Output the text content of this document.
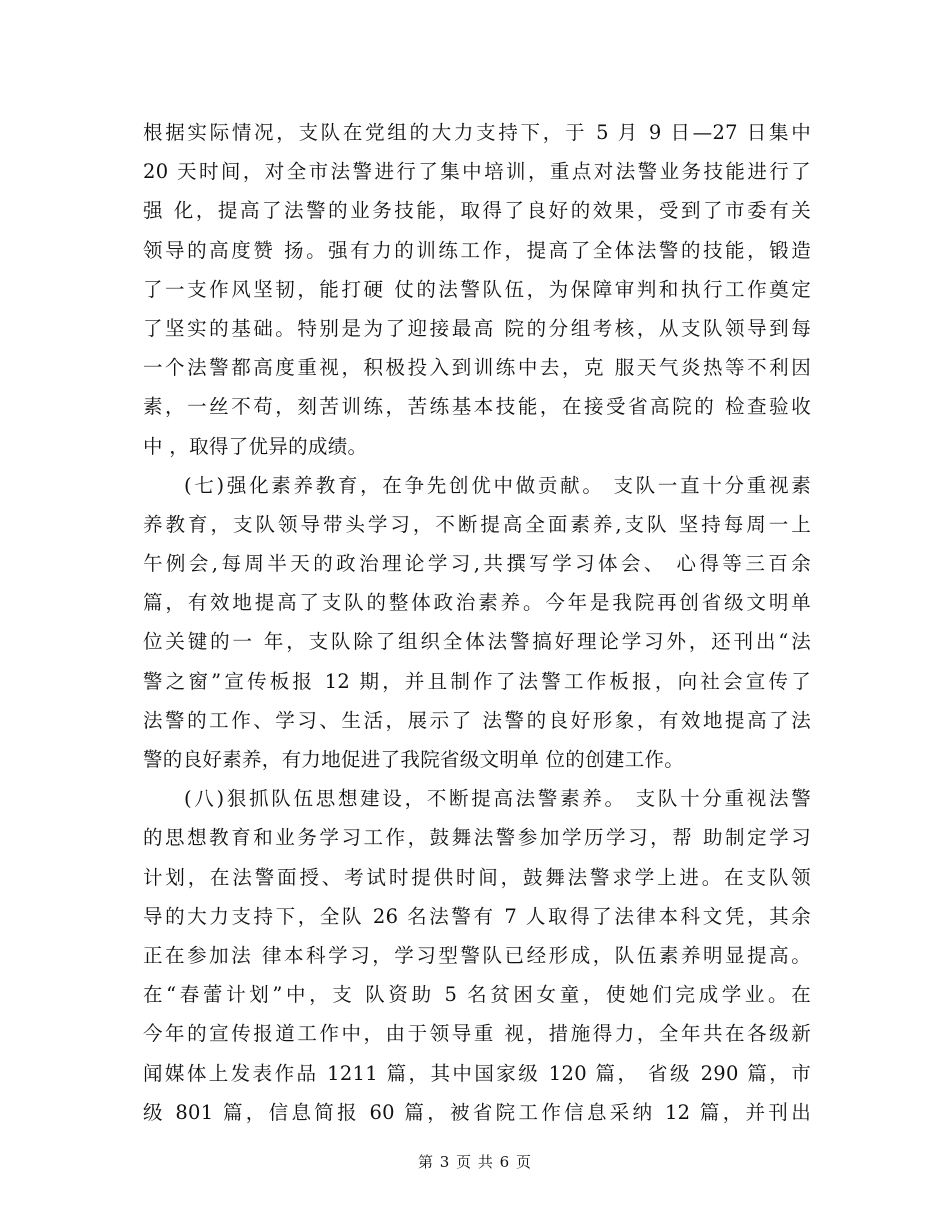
根据实际情况，支队在党组的大力支持下，于 5 月 9 日—27 日集中
20 天时间，对全市法警进行了集中培训，重点对法警业务技能进行了
强 化，提高了法警的业务技能，取得了良好的效果，受到了市委有关
领导的高度赞 扬。强有力的训练工作，提高了全体法警的技能，锻造
了一支作风坚韧，能打硬 仗的法警队伍，为保障审判和执行工作奠定
了坚实的基础。特别是为了迎接最高 院的分组考核，从支队领导到每
一个法警都高度重视，积极投入到训练中去，克 服天气炎热等不利因
素，一丝不苟，刻苦训练，苦练基本技能，在接受省高院的 检查验收
中 ，取得了优异的成绩。
(七)强化素养教育，在争先创优中做贡献。 支队一直十分重视素
养教育，支队领导带头学习，不断提高全面素养,支队 坚持每周一上
午例会,每周半天的政治理论学习,共撰写学习体会、 心得等三百余
篇，有效地提高了支队的整体政治素养。今年是我院再创省级文明单
位关键的一 年，支队除了组织全体法警搞好理论学习外，还刊出“法
警之窗”宣传板报 12 期，并且制作了法警工作板报，向社会宣传了
法警的工作、学习、生活，展示了 法警的良好形象，有效地提高了法
警的良好素养，有力地促进了我院省级文明单 位的创建工作。
(八)狠抓队伍思想建设，不断提高法警素养。 支队十分重视法警
的思想教育和业务学习工作，鼓舞法警参加学历学习，帮 助制定学习
计划，在法警面授、考试时提供时间，鼓舞法警求学上进。在支队领
导的大力支持下，全队 26 名法警有 7 人取得了法律本科文凭，其余
正在参加法 律本科学习，学习型警队已经形成，队伍素养明显提高。
在“春蕾计划”中，支 队资助 5 名贫困女童，使她们完成学业。在
今年的宣传报道工作中，由于领导重 视，措施得力，全年共在各级新
闻媒体上发表作品 1211 篇，其中国家级 120 篇， 省级 290 篇，市
级 801 篇，信息简报 60 篇，被省院工作信息采纳 12 篇，并刊出
第 3 页 共 6 页
